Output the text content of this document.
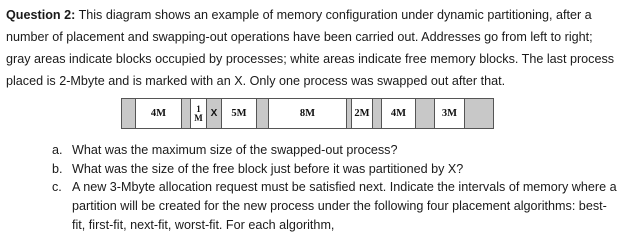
Question 2: This diagram shows an example of memory configuration under dynamic partitioning, after a number of placement and swapping-out operations have been carried out. Addresses go from left to right; gray areas indicate blocks occupied by processes; white areas indicate free memory blocks. The last process placed is 2-Mbyte and is marked with an X. Only one process was swapped out after that.

4M	1
M X	5M	8M	2M	4M	3M
a. What was the maximum size of the swapped-out process?
b. What was the size of the free block just before it was partitioned by X?
c. A new 3-Mbyte allocation request must be satisfied next. Indicate the intervals of memory where a partition will be created for the new process under the following four placement algorithms: best-fit, first-fit, next-fit, worst-fit. For each algorithm,
